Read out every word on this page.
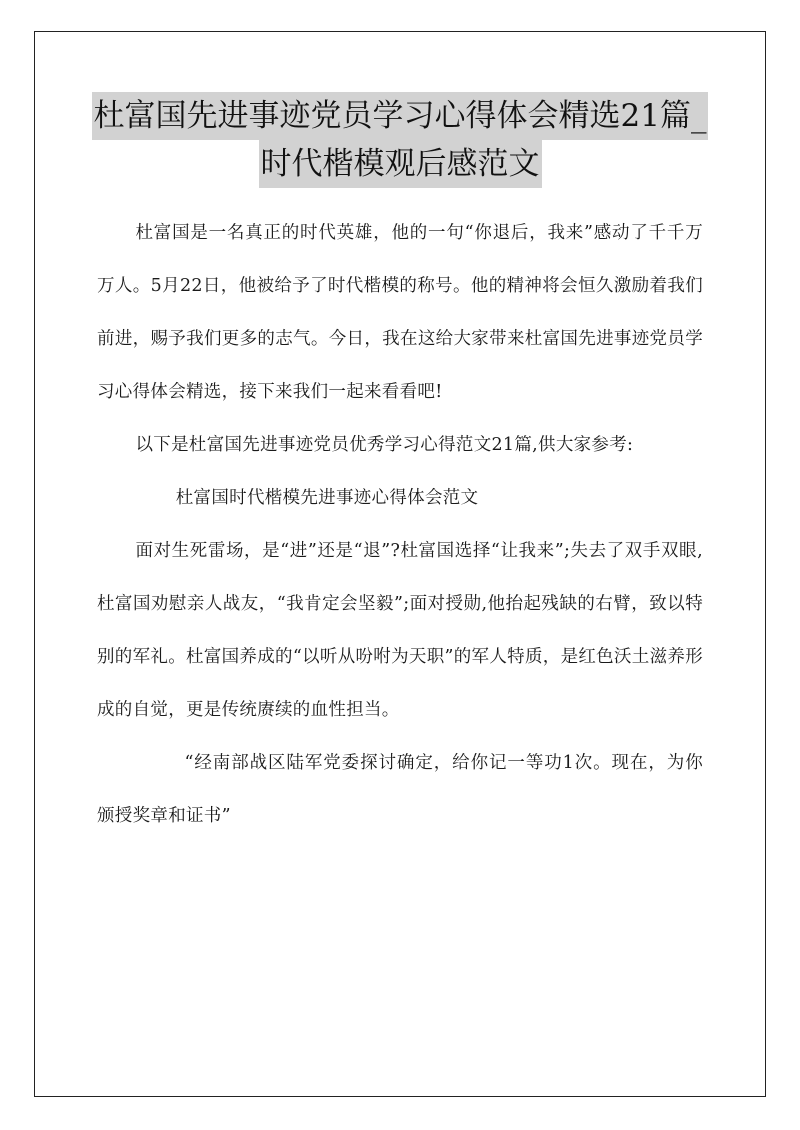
杜富国先进事迹党员学习心得体会精选21篇_
时代楷模观后感范文

杜富国是一名真正的时代英雄，他的一句“你退后，我来”感动了千千万万人。5月22日，他被给予了时代楷模的称号。他的精神将会恒久激励着我们前进，赐予我们更多的志气。今日，我在这给大家带来杜富国先进事迹党员学习心得体会精选，接下来我们一起来看看吧!

以下是杜富国先进事迹党员优秀学习心得范文21篇,供大家参考:

杜富国时代楷模先进事迹心得体会范文

面对生死雷场，是“进”还是“退”?杜富国选择“让我来”;失去了双手双眼,杜富国劝慰亲人战友，“我肯定会坚毅”;面对授勋,他抬起残缺的右臂，致以特别的军礼。杜富国养成的“以听从吩咐为天职”的军人特质，是红色沃土滋养形成的自觉，更是传统赓续的血性担当。

“经南部战区陆军党委探讨确定，给你记一等功1次。现在，为你颁授奖章和证书”
